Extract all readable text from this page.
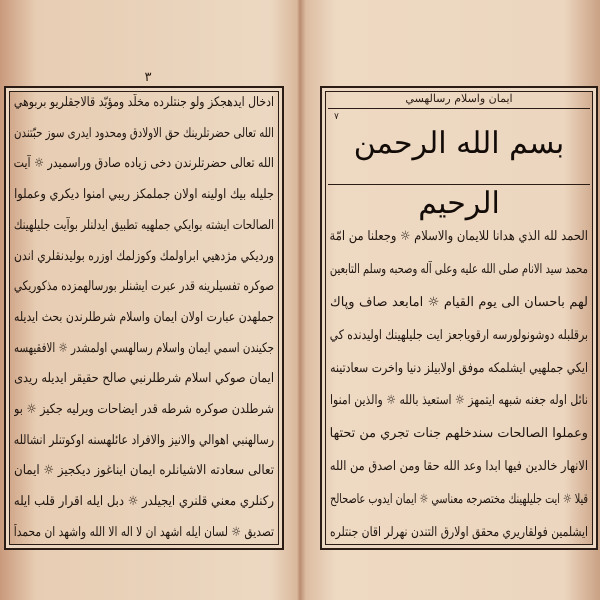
٣
ادخال ايدهجكز ولو جنتلرده مخلّد ومؤبّد قالاجقلريو بربوهي
الله تعالى حضرتلرينك حق الاولادق ومحدود ايدرى سوز حبّتندن
الله تعالى حضرتلرندن دخى زياده صادق وراسميدر ☼ آيت
جليله بيك اولينه اولان جملمكز ريبي امنوا ديكري وعملوا
الصالحات ايشته بوايكي جملهيه تطبيق ايدلنلر بوآيت جليلهينك
ورديكي مژدهيي ابراولمك وكوزلمك اوزره بوليدنقلري اندن
صوكره تفسيلرينه قدر عبرت ايشنلر بورسالهمزده مذكوريكي
جملهدن عبارت اولان ايمان واسلام شرطلرندن بحث ايديله
جكيندن اسمي ايمان واسلام رسالهسي اولمشدر ☼ الافقيهسه
ايمان صوكي اسلام شرطلرنبي صالح حقيقر ايديله ريدى
شرطلدن صوكره شرطه قدر ايضاحات ويرليه جكيز ☼ بو
رسالهنبي اهوالي والانيز والافراد عائلهسنه اوكوتنلر انشالله
تعالى سعادته الاشيانلره ايمان ايناغوز ديكجيز ☼ ايمان
ركنلري معني قلنري ايجيلدر ☼ دبل ايله اقرار قلب ايله
تصديق ☼ لسان ايله اشهد ان لا اله الا الله واشهد ان محمداً
ايمان واسلام رسالهسي
٧
بسم الله الرحمن الرحيم
الحمد لله الذي هدانا للايمان والاسلام ☼ وجعلنا من امّة
محمد سيد الانام صلى الله عليه وعلى آله وصحبه وسلم التابعين
لهم باحسان الى يوم القيام ☼ امابعد صاف وپاك
برقلبله دوشونولورسه ارقوياجعز ايت جليلهينك اوليدنده كي
ايكي جملهيي ايشلمكه موفق اولابيلز دنيا واخرت سعادتينه
نائل اوله جغنه شبهه ايتمهز ☼ استعيذ بالله ☼ والذين امنوا
وعملوا الصالحات سندخلهم جنات تجري من تحتها
الانهار خالدين فيها ابدا وعد الله حقا ومن اصدق من الله
قيلا ☼ ايت جليلهينك مختصرجه معناسي ☼ ايمان ايدوب عاصحالح
ايشلمين فولقاريري محقق اولارق التندن نهرلر اقان جنتلره
